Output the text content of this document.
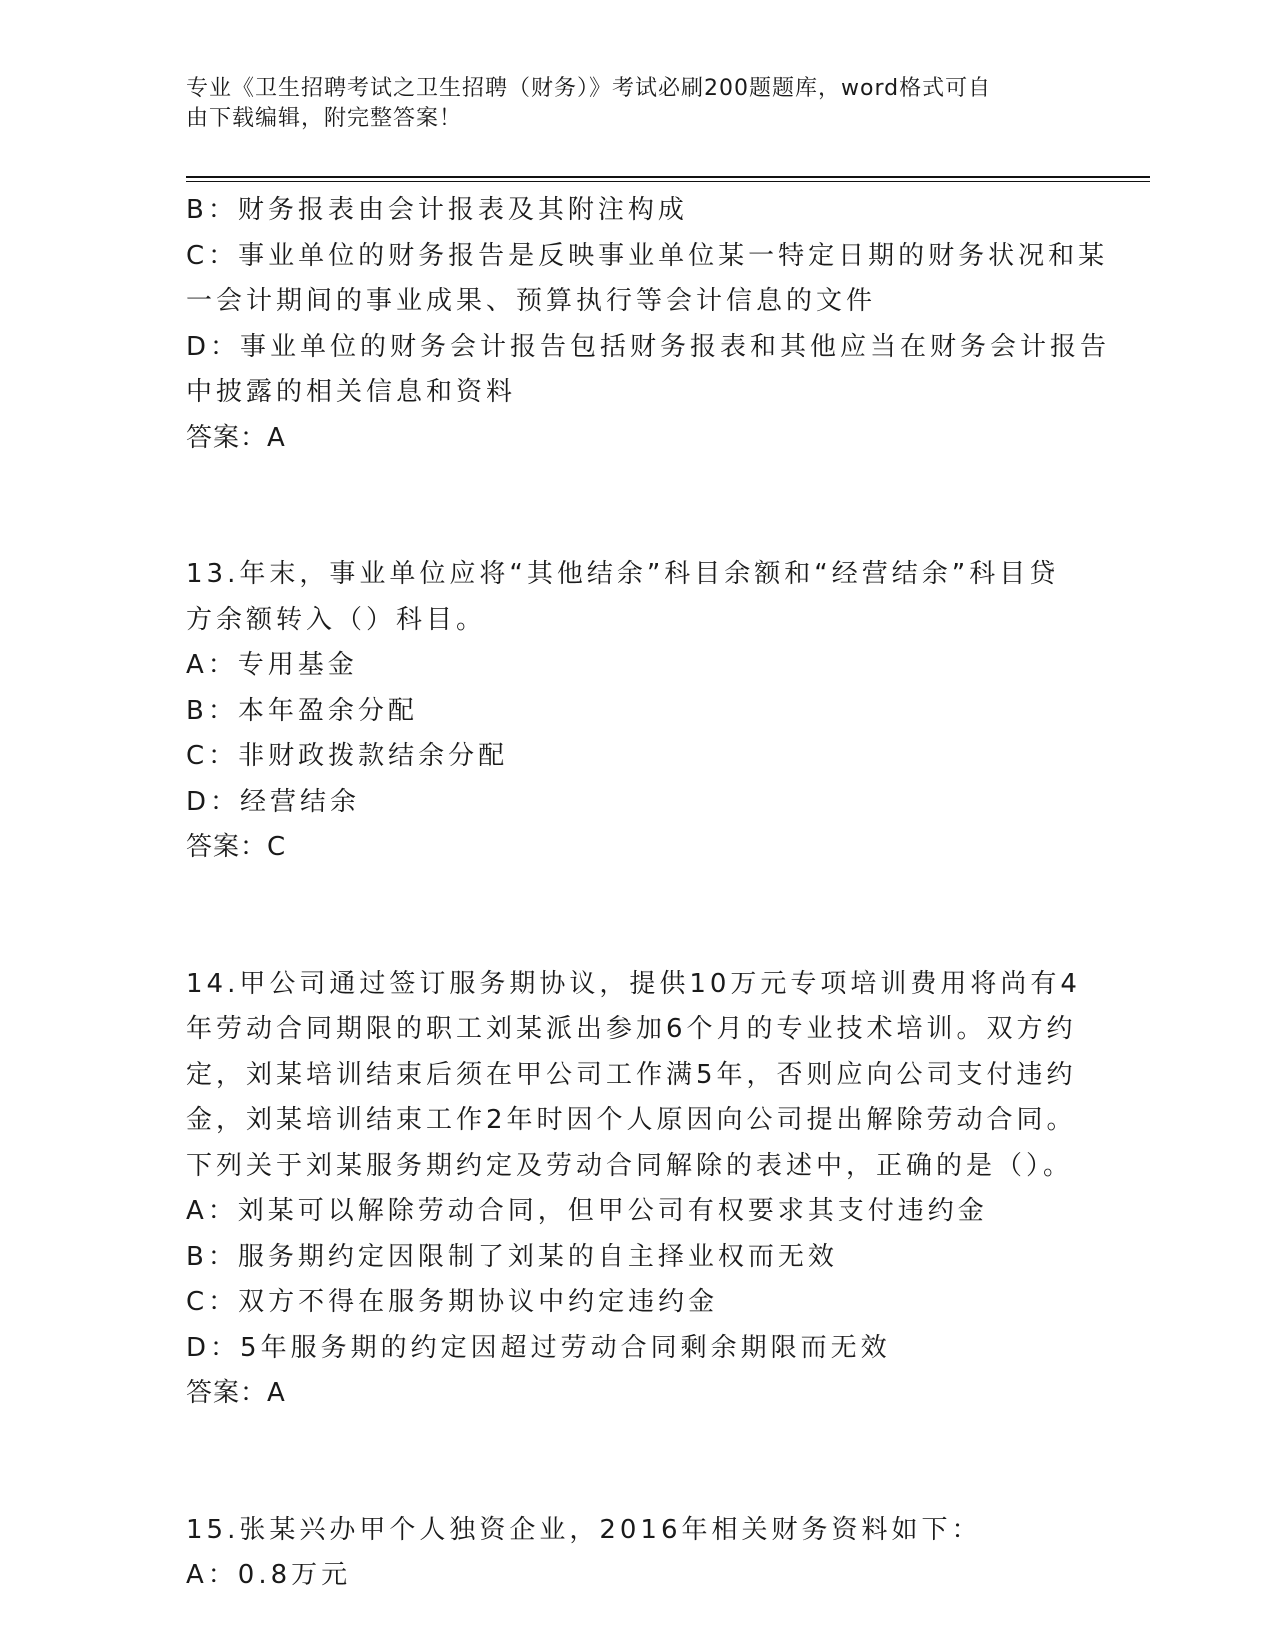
专业《卫生招聘考试之卫生招聘（财务）》考试必刷200题题库，word格式可自
由下载编辑，附完整答案！
B：财务报表由会计报表及其附注构成
C：事业单位的财务报告是反映事业单位某一特定日期的财务状况和某
一会计期间的事业成果、预算执行等会计信息的文件
D：事业单位的财务会计报告包括财务报表和其他应当在财务会计报告
中披露的相关信息和资料
答案：A
13.年末，事业单位应将“其他结余”科目余额和“经营结余”科目贷
方余额转入（）科目。
A：专用基金
B：本年盈余分配
C：非财政拨款结余分配
D：经营结余
答案：C
14.甲公司通过签订服务期协议，提供10万元专项培训费用将尚有4
年劳动合同期限的职工刘某派出参加6个月的专业技术培训。双方约
定，刘某培训结束后须在甲公司工作满5年，否则应向公司支付违约
金，刘某培训结束工作2年时因个人原因向公司提出解除劳动合同。
下列关于刘某服务期约定及劳动合同解除的表述中，正确的是（）。
A：刘某可以解除劳动合同，但甲公司有权要求其支付违约金
B：服务期约定因限制了刘某的自主择业权而无效
C：双方不得在服务期协议中约定违约金
D：5年服务期的约定因超过劳动合同剩余期限而无效
答案：A
15.张某兴办甲个人独资企业，2016年相关财务资料如下：
A：0.8万元
